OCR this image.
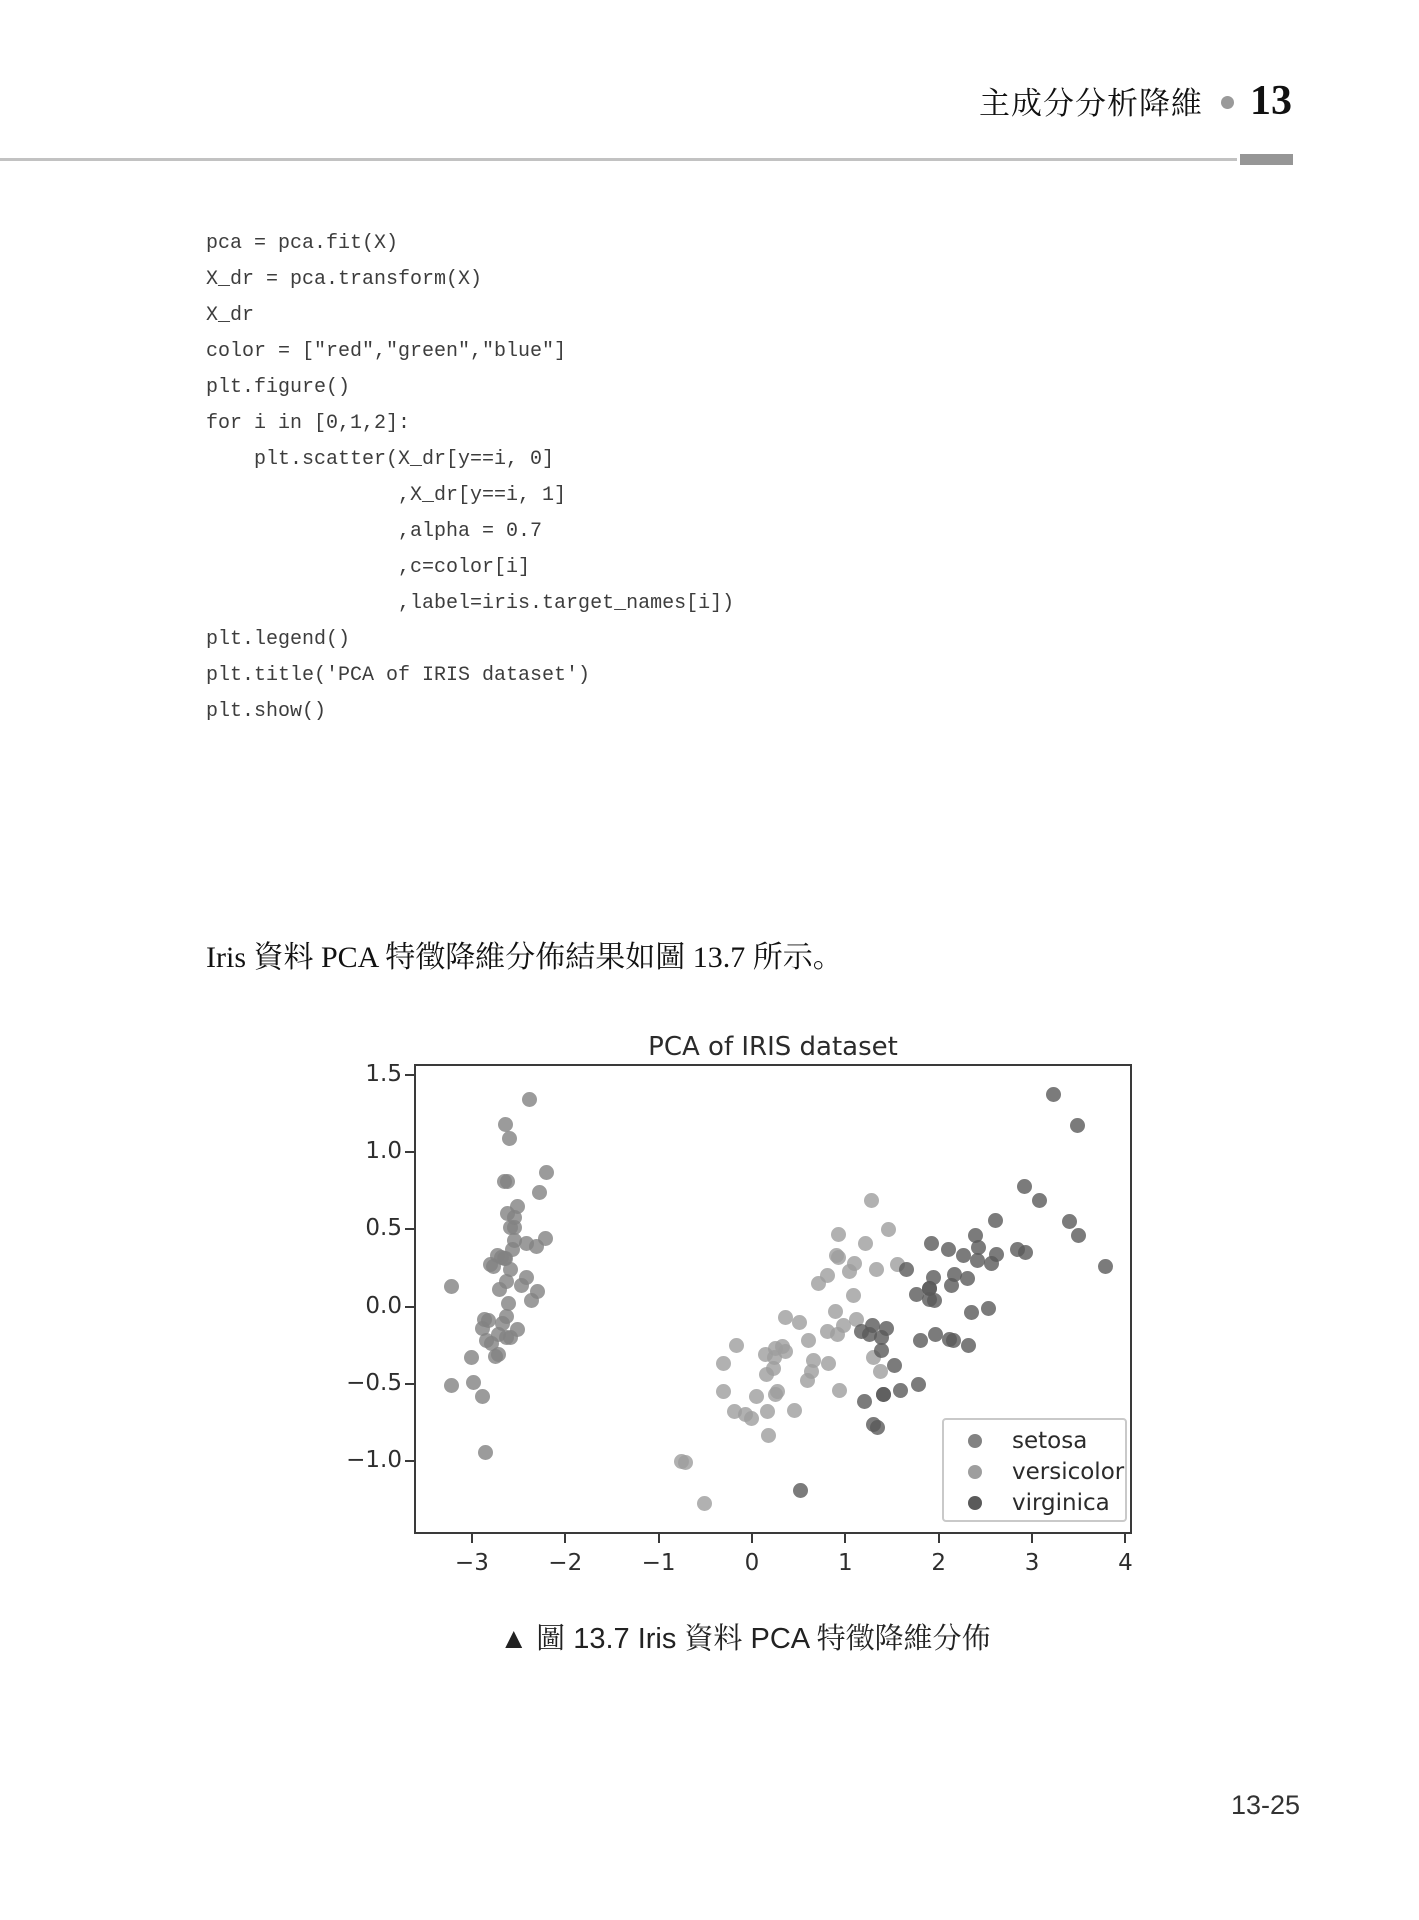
主成分分析降維 13
pca = pca.fit(X)
X_dr = pca.transform(X)
X_dr
color = ["red","green","blue"]
plt.figure()
for i in [0,1,2]:
plt.scatter(X_dr[y==i, 0]
,X_dr[y==i, 1]
,alpha = 0.7
,c=color[i]
,label=iris.target_names[i])
plt.legend()
plt.title('PCA of IRIS dataset')
plt.show()
Iris 資料 PCA 特徵降維分佈結果如圖 13.7 所示。
PCA of IRIS dataset
setosa
versicolor
virginica
−3	−2	−1	0	1	2	3	4
1.5
1.0
0.5
0.0
−0.5
−1.0
▲ 圖 13.7 Iris 資料 PCA 特徵降維分佈
13-25
